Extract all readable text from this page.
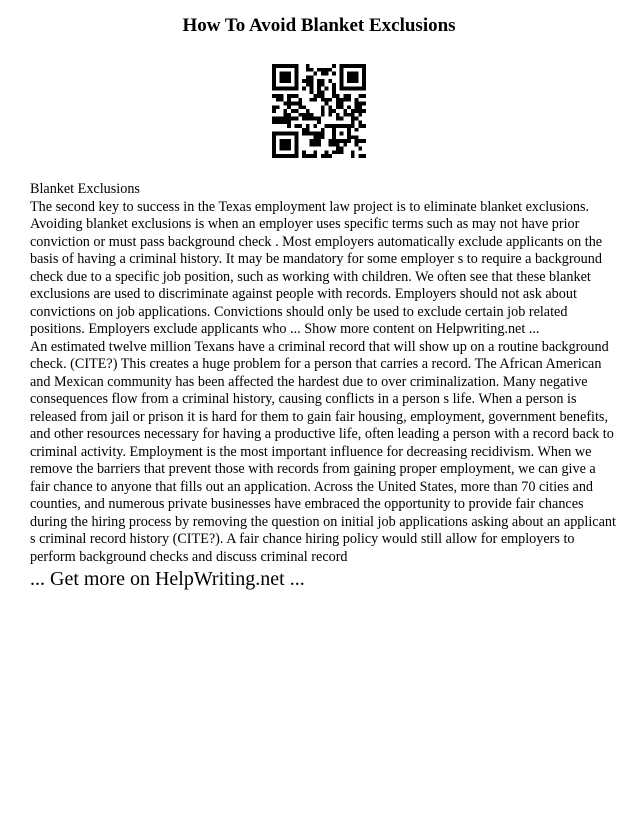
How To Avoid Blanket Exclusions

Blanket Exclusions

The second key to success in the Texas employment law project is to eliminate blanket exclusions. Avoiding blanket exclusions is when an employer uses specific terms such as may not have prior conviction or must pass background check . Most employers automatically exclude applicants on the basis of having a criminal history. It may be mandatory for some employer s to require a background check due to a specific job position, such as working with children. We often see that these blanket exclusions are used to discriminate against people with records. Employers should not ask about convictions on job applications. Convictions should only be used to exclude certain job related positions. Employers exclude applicants who ... Show more content on Helpwriting.net ...

An estimated twelve million Texans have a criminal record that will show up on a routine background check. (CITE?) This creates a huge problem for a person that carries a record. The African American and Mexican community has been affected the hardest due to over criminalization. Many negative consequences flow from a criminal history, causing conflicts in a person s life. When a person is released from jail or prison it is hard for them to gain fair housing, employment, government benefits, and other resources necessary for having a productive life, often leading a person with a record back to criminal activity. Employment is the most important influence for decreasing recidivism. When we remove the barriers that prevent those with records from gaining proper employment, we can give a fair chance to anyone that fills out an application. Across the United States, more than 70 cities and counties, and numerous private businesses have embraced the opportunity to provide fair chances during the hiring process by removing the question on initial job applications asking about an applicant s criminal record history (CITE?). A fair chance hiring policy would still allow for employers to perform background checks and discuss criminal record

... Get more on HelpWriting.net ...
